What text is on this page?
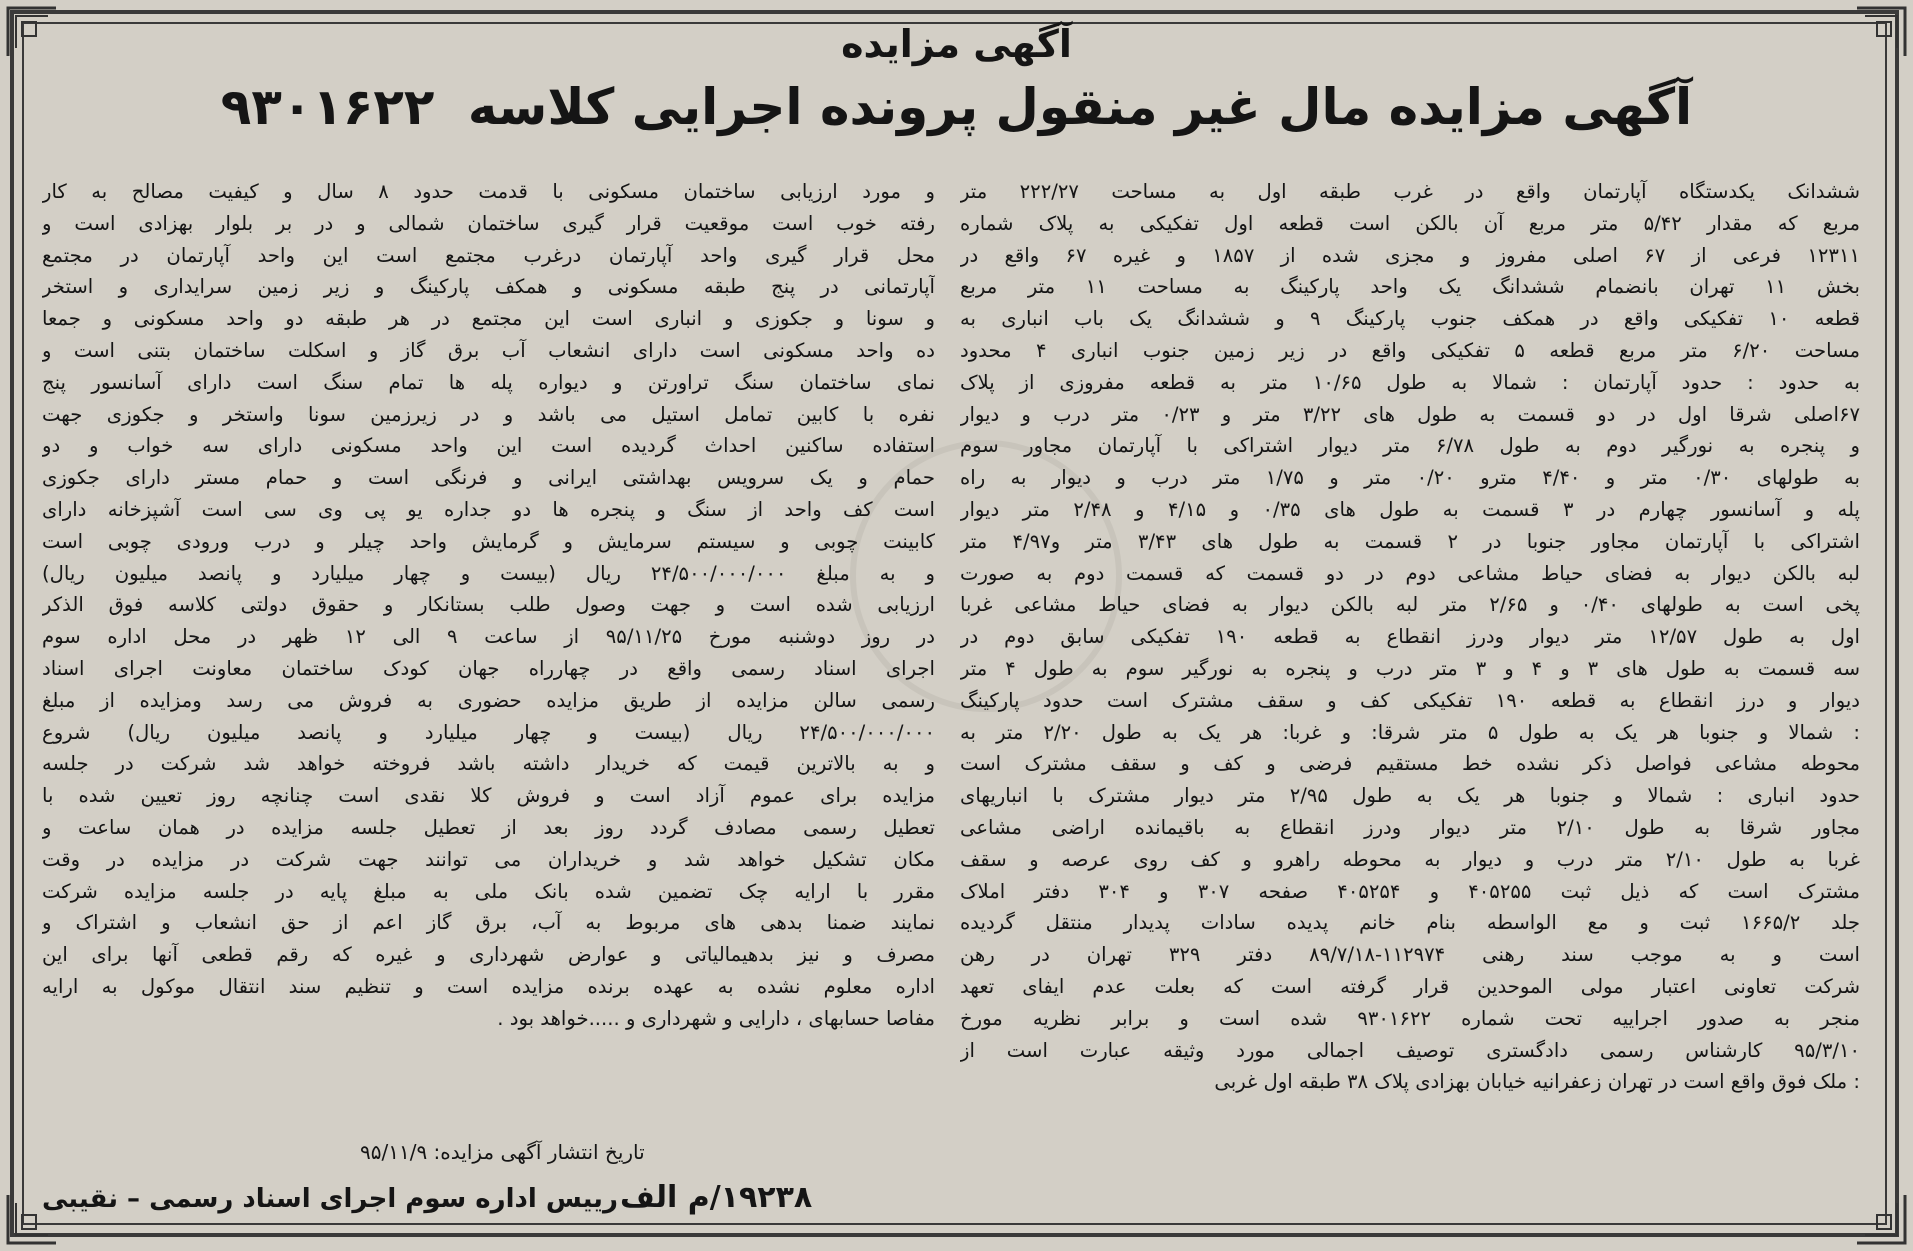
آگهی مزایده
آگهی مزایده مال غیر منقول پرونده اجرایی کلاسه ۹۳۰۱۶۲۲
ششدانک یکدستگاه آپارتمان واقع در غرب طبقه اول به مساحت ۲۲۲/۲۷ متر
مربع که مقدار ۵/۴۲ متر مربع آن بالکن است قطعه اول تفکیکی به پلاک شماره
۱۲۳۱۱ فرعی از ۶۷ اصلی مفروز و مجزی شده از ۱۸۵۷ و غیره ۶۷ واقع در
بخش ۱۱ تهران بانضمام ششدانگ یک واحد پارکینگ به مساحت ۱۱ متر مربع
قطعه ۱۰ تفکیکی واقع در همکف جنوب پارکینگ ۹ و ششدانگ یک باب انباری به
مساحت ۶/۲۰ متر مربع قطعه ۵ تفکیکی واقع در زیر زمین جنوب انباری ۴ محدود
به حدود : حدود آپارتمان : شمالا به طول ۱۰/۶۵ متر به قطعه مفروزی از پلاک
۶۷اصلی شرقا اول در دو قسمت به طول های ۳/۲۲ متر و ۰/۲۳ متر درب و دیوار
و پنجره به نورگیر دوم به طول ۶/۷۸ متر دیوار اشتراکی با آپارتمان مجاور سوم
به طولهای ۰/۳۰ متر و ۴/۴۰ مترو ۰/۲۰ متر و ۱/۷۵ متر درب و دیوار به راه
پله و آسانسور چهارم در ۳ قسمت به طول های ۰/۳۵ و ۴/۱۵ و ۲/۴۸ متر دیوار
اشتراکی با آپارتمان مجاور جنوبا در ۲ قسمت به طول های ۳/۴۳ متر و۴/۹۷ متر
لبه بالکن دیوار به فضای حیاط مشاعی دوم در دو قسمت که قسمت دوم به صورت
پخی است به طولهای ۰/۴۰ و ۲/۶۵ متر لبه بالکن دیوار به فضای حیاط مشاعی غربا
اول به طول ۱۲/۵۷ متر دیوار ودرز انقطاع به قطعه ۱۹۰ تفکیکی سابق دوم در
سه قسمت به طول های ۳ و ۴ و ۳ متر درب و پنجره به نورگیر سوم به طول ۴ متر
دیوار و درز انقطاع به قطعه ۱۹۰ تفکیکی کف و سقف مشترک است حدود پارکینگ
: شمالا و جنوبا هر یک به طول ۵ متر شرقا: و غربا: هر یک به طول ۲/۲۰ متر به
محوطه مشاعی فواصل ذکر نشده خط مستقیم فرضی و کف و سقف مشترک است
حدود انباری : شمالا و جنوبا هر یک به طول ۲/۹۵ متر دیوار مشترک با انباریهای
مجاور شرقا به طول ۲/۱۰ متر دیوار ودرز انقطاع به باقیمانده اراضی مشاعی
غربا به طول ۲/۱۰ متر درب و دیوار به محوطه راهرو و کف روی عرصه و سقف
مشترک است که ذیل ثبت ۴۰۵۲۵۵ و ۴۰۵۲۵۴ صفحه ۳۰۷ و ۳۰۴ دفتر املاک
جلد ۱۶۶۵/۲ ثبت و مع الواسطه بنام خانم پدیده سادات پدیدار منتقل گردیده
است و به موجب سند رهنی ۱۱۲۹۷۴-۸۹/۷/۱۸ دفتر ۳۲۹ تهران در رهن
شرکت تعاونی اعتبار مولی الموحدین قرار گرفته است که بعلت عدم ایفای تعهد
منجر به صدور اجراییه تحت شماره ۹۳۰۱۶۲۲ شده است و برابر نظریه مورخ
۹۵/۳/۱۰ کارشناس رسمی دادگستری توصیف اجمالی مورد وثیقه عبارت است از
: ملک فوق واقع است در تهران زعفرانیه خیابان بهزادی پلاک ۳۸ طبقه اول غربی
و مورد ارزیابی ساختمان مسکونی با قدمت حدود ۸ سال و کیفیت مصالح به کار
رفته خوب است موقعیت قرار گیری ساختمان شمالی و در بر بلوار بهزادی است و
محل قرار گیری واحد آپارتمان درغرب مجتمع است این واحد آپارتمان در مجتمع
آپارتمانی در پنج طبقه مسکونی و همکف پارکینگ و زیر زمین سرایداری و استخر
و سونا و جکوزی و انباری است این مجتمع در هر طبقه دو واحد مسکونی و جمعا
ده واحد مسکونی است دارای انشعاب آب برق گاز و اسکلت ساختمان بتنی است و
نمای ساختمان سنگ تراورتن و دیواره پله ها تمام سنگ است دارای آسانسور پنج
نفره با کابین تمامل استیل می باشد و در زیرزمین سونا واستخر و جکوزی جهت
استفاده ساکنین احداث گردیده است این واحد مسکونی دارای سه خواب و دو
حمام و یک سرویس بهداشتی ایرانی و فرنگی است و حمام مستر دارای جکوزی
است کف واحد از سنگ و پنجره ها دو جداره یو پی وی سی است آشپزخانه دارای
کابینت چوبی و سیستم سرمایش و گرمایش واحد چیلر و درب ورودی چوبی است
و به مبلغ ۲۴/۵۰۰/۰۰۰/۰۰۰ ریال (بیست و چهار میلیارد و پانصد میلیون ریال)
ارزیابی شده است و جهت وصول طلب بستانکار و حقوق دولتی کلاسه فوق الذکر
در روز دوشنبه مورخ ۹۵/۱۱/۲۵ از ساعت ۹ الی ۱۲ ظهر در محل اداره سوم
اجرای اسناد رسمی واقع در چهارراه جهان کودک ساختمان معاونت اجرای اسناد
رسمی سالن مزایده از طریق مزایده حضوری به فروش می رسد ومزایده از مبلغ
۲۴/۵۰۰/۰۰۰/۰۰۰ ریال (بیست و چهار میلیارد و پانصد میلیون ریال) شروع
و به بالاترین قیمت که خریدار داشته باشد فروخته خواهد شد شرکت در جلسه
مزایده برای عموم آزاد است و فروش کلا نقدی است چنانچه روز تعیین شده با
تعطیل رسمی مصادف گردد روز بعد از تعطیل جلسه مزایده در همان ساعت و
مکان تشکیل خواهد شد و خریداران می توانند جهت شرکت در مزایده در وقت
مقرر با ارایه چک تضمین شده بانک ملی به مبلغ پایه در جلسه مزایده شرکت
نمایند ضمنا بدهی های مربوط به آب، برق گاز اعم از حق انشعاب و اشتراک و
مصرف و نیز بدهیمالیاتی و عوارض شهرداری و غیره که رقم قطعی آنها برای این
اداره معلوم نشده به عهده برنده مزایده است و تنظیم سند انتقال موکول به ارایه
مفاصا حسابهای ، دارایی و شهرداری و .....خواهد بود .
تاریخ انتشار آگهی مزایده: ۹۵/۱۱/۹
۱۹۲۳۸/م الف
رییس اداره سوم اجرای اسناد رسمی – نقیبی
